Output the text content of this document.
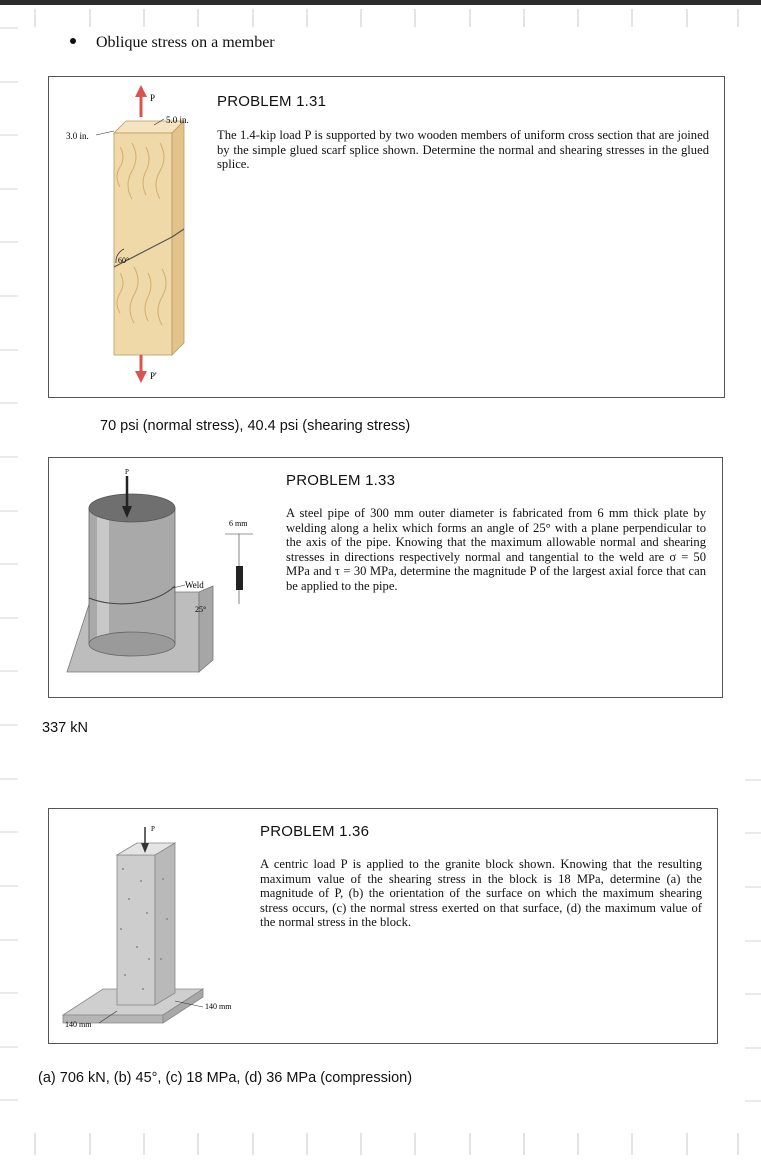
Oblique stress on a member
P
60°
3.0 in.
5.0 in.
P'
PROBLEM 1.31
The 1.4-kip load P is supported by two wooden members of uniform cross section that are joined by the simple glued scarf splice shown. Determine the normal and shearing stresses in the glued splice.
70 psi (normal stress), 40.4 psi (shearing stress)
P
Weld
25°
6 mm
PROBLEM 1.33
A steel pipe of 300 mm outer diameter is fabricated from 6 mm thick plate by welding along a helix which forms an angle of 25° with a plane perpendicular to the axis of the pipe. Knowing that the maximum allowable normal and shearing stresses in directions respectively normal and tangential to the weld are σ = 50 MPa and τ = 30 MPa, determine the magnitude P of the largest axial force that can be applied to the pipe.
337 kN
P
140 mm
140 mm
PROBLEM 1.36
A centric load P is applied to the granite block shown. Knowing that the resulting maximum value of the shearing stress in the block is 18 MPa, determine (a) the magnitude of P, (b) the orientation of the surface on which the maximum shearing stress occurs, (c) the normal stress exerted on that surface, (d) the maximum value of the normal stress in the block.
(a) 706 kN, (b) 45°, (c) 18 MPa, (d) 36 MPa (compression)
